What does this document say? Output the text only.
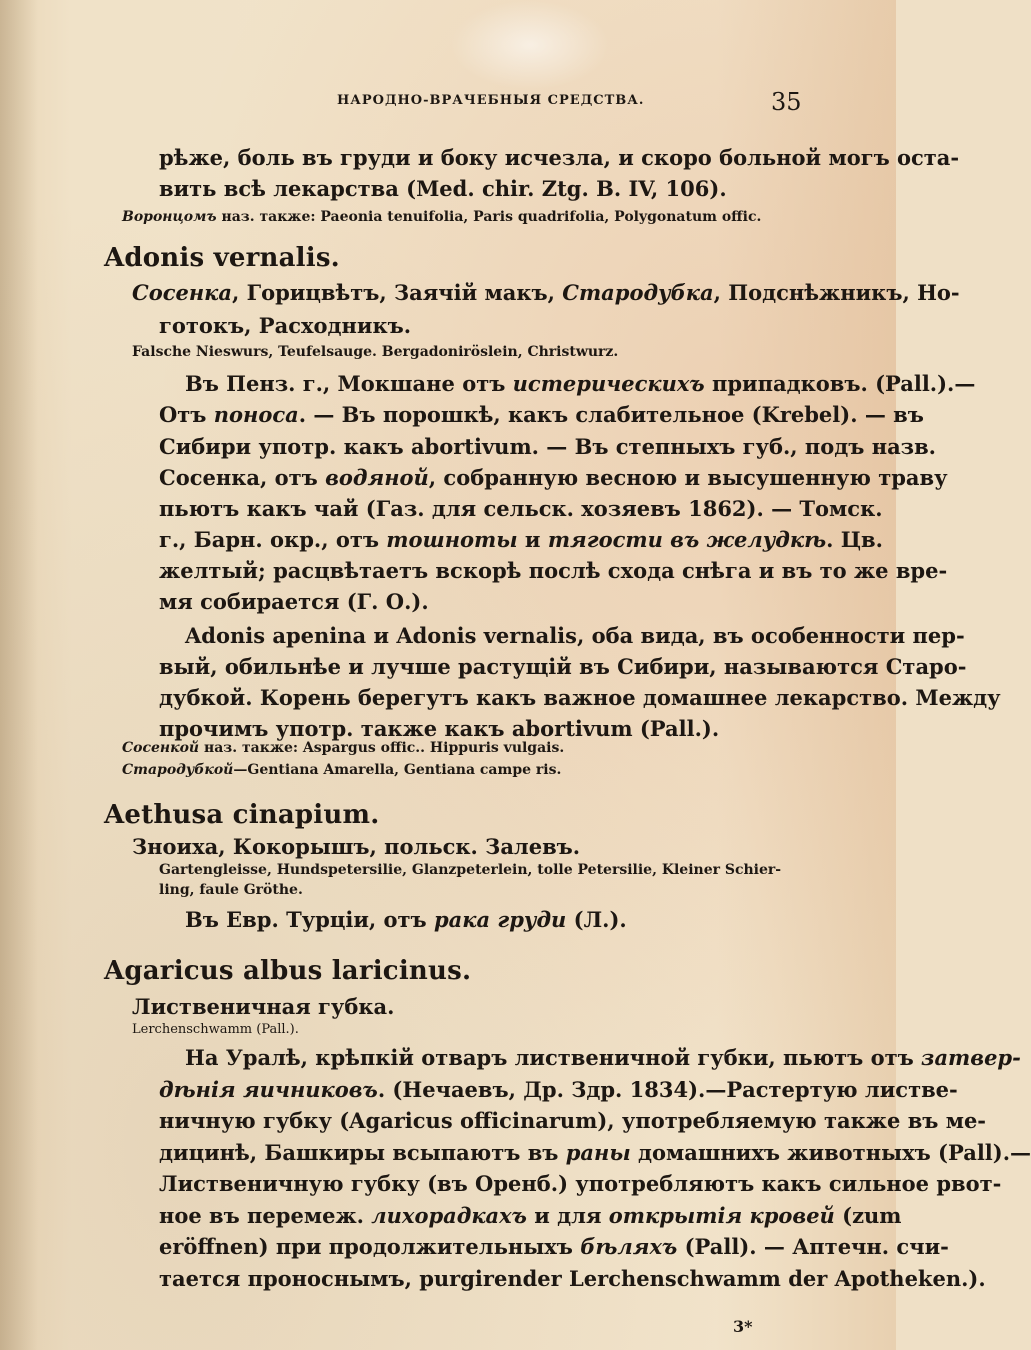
НАРОДНО-ВРАЧЕБНЫЯ СРЕДСТВА.	35
рѣже, боль въ груди и боку исчезла, и скоро больной могъ оста-
вить всѣ лекарства (Med. chir. Ztg. B. IV, 106).
Воронцомъ наз. также: Paeonia tenuifolia, Paris quadrifolia, Polygonatum offic.
Adonis vernalis.
Сосенка, Горицвѣтъ, Заячій макъ, Стародубка, Подснѣжникъ, Но-
готокъ, Расходникъ.
Falsche Nieswurs, Teufelsauge. Bergadonirӧslein, Christwurz.
Въ Пенз. г., Мокшане отъ истерическихъ припадковъ. (Pall.).—
Отъ поноса. — Въ порошкѣ, какъ слабительное (Krebel). — въ
Сибири употр. какъ abortivum. — Въ степныхъ губ., подъ назв.
Сосенка, отъ водяной, собранную весною и высушенную траву
пьютъ какъ чай (Газ. для сельск. хозяевъ 1862). — Томск.
г., Барн. окр., отъ тошноты и тягости въ желудкѣ. Цв.
желтый; расцвѣтаетъ вскорѣ послѣ схода снѣга и въ то же вре-
мя собирается (Г. О.).
Adonis apenina и Adonis vernalis, оба вида, въ особенности пер-
вый, обильнѣе и лучше растущій въ Сибири, называются Старо-
дубкой. Корень берегутъ какъ важное домашнее лекарство. Между
прочимъ употр. также какъ abortivum (Pall.).
Сосенкой наз. также: Aspargus offic.. Hippuris vulgais.
Стародубкой—Gentiana Amarella, Gentiana campe ris.
Aethusa cinapium.
Зноиха, Кокорышъ, польск. Залевъ.
Gartengleisse, Hundspetersilie, Glanzpeterlein, tolle Petersilie, Kleiner Schier-
ling, faule Grӧthe.
Въ Евр. Турціи, отъ рака груди (Л.).
Agaricus albus laricinus.
Лиственичная губка.
Lerchenschwamm (Pall.).
На Уралѣ, крѣпкій отваръ лиственичной губки, пьютъ отъ затвер-
дѣнія яичниковъ. (Нечаевъ, Др. Здр. 1834).—Растертую листве-
ничную губку (Agaricus officinarum), употребляемую также въ ме-
дицинѣ, Башкиры всыпаютъ въ раны домашнихъ животныхъ (Pall).—
Лиственичную губку (въ Оренб.) употребляютъ какъ сильное рвот-
ное въ перемеж. лихорадкахъ и для открытія кровей (zum
erӧffnen) при продолжительныхъ бѣляхъ (Pall). — Аптечн. счи-
тается проноснымъ, purgirender Lerchenschwamm der Apotheken.).
3*
